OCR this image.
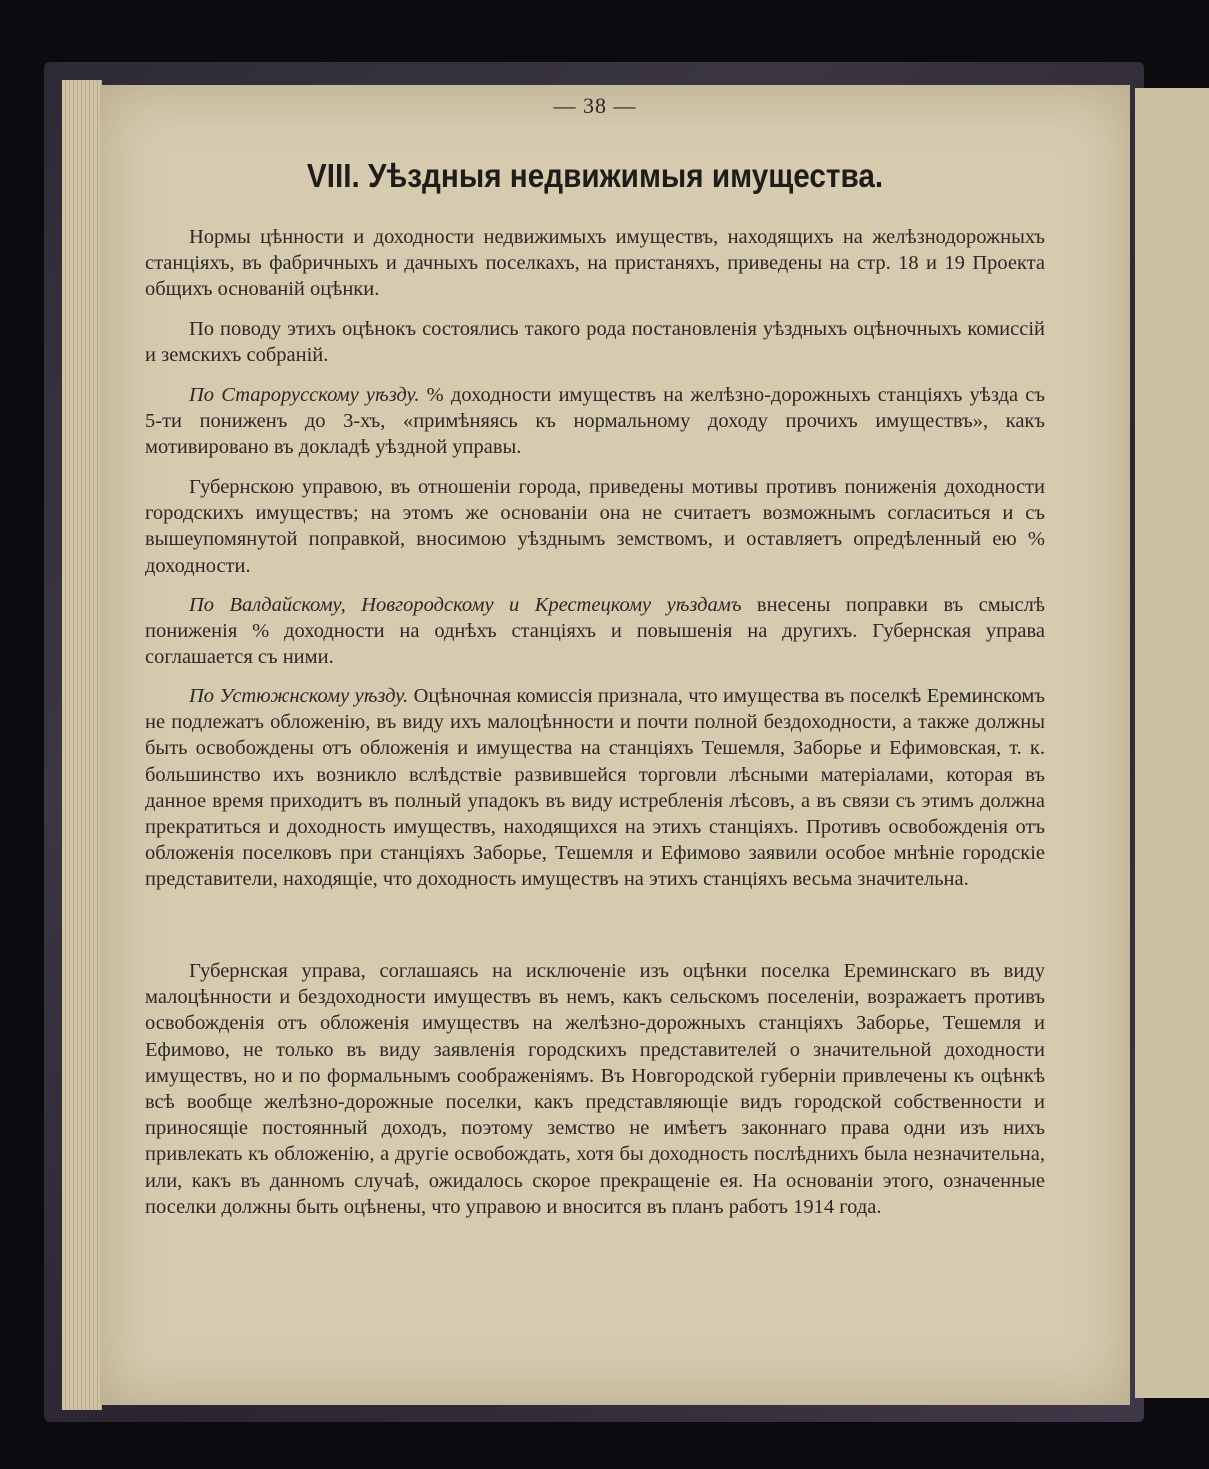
— 38 —
VIII. Уѣздныя недвижимыя имущества.

Нормы цѣнности и доходности недвижимыхъ имуществъ, находящихъ на желѣзнодорожныхъ станціяхъ, въ фабричныхъ и дачныхъ поселкахъ, на пристаняхъ, приведены на стр. 18 и 19 Проекта общихъ основаній оцѣнки.

По поводу этихъ оцѣнокъ состоялись такого рода постановленія уѣздныхъ оцѣночныхъ комиссій и земскихъ собраній.

По Старорусскому уѣзду. % доходности имуществъ на желѣзно-дорожныхъ станціяхъ уѣзда съ 5-ти пониженъ до 3-хъ, «примѣняясь къ нормальному доходу прочихъ имуществъ», какъ мотивировано въ докладѣ уѣздной управы.

Губернскою управою, въ отношеніи города, приведены мотивы противъ пониженія доходности городскихъ имуществъ; на этомъ же основаніи она не считаетъ возможнымъ согласиться и съ вышеупомянутой поправкой, вносимою уѣзднымъ земствомъ, и оставляетъ опредѣленный ею % доходности.

По Валдайскому, Новгородскому и Крестецкому уѣздамъ внесены поправки въ смыслѣ пониженія % доходности на однѣхъ станціяхъ и повышенія на другихъ. Губернская управа соглашается съ ними.

По Устюжнскому уѣзду. Оцѣночная комиссія признала, что имущества въ поселкѣ Ереминскомъ не подлежатъ обложенію, въ виду ихъ малоцѣнности и почти полной бездоходности, а также должны быть освобождены отъ обложенія и имущества на станціяхъ Тешемля, Заборье и Ефимовская, т. к. большинство ихъ возникло вслѣдствіе развившейся торговли лѣсными матеріалами, которая въ данное время приходитъ въ полный упадокъ въ виду истребленія лѣсовъ, а въ связи съ этимъ должна прекратиться и доходность имуществъ, находящихся на этихъ станціяхъ. Противъ освобожденія отъ обложенія поселковъ при станціяхъ Заборье, Тешемля и Ефимово заявили особое мнѣніе городскіе представители, находящіе, что доходность имуществъ на этихъ станціяхъ весьма значительна.

Губернская управа, соглашаясь на исключеніе изъ оцѣнки поселка Ереминскаго въ виду малоцѣнности и бездоходности имуществъ въ немъ, какъ сельскомъ поселеніи, возражаетъ противъ освобожденія отъ обложенія имуществъ на желѣзно-дорожныхъ станціяхъ Заборье, Тешемля и Ефимово, не только въ виду заявленія городскихъ представителей о значительной доходности имуществъ, но и по формальнымъ соображеніямъ. Въ Новгородской губерніи привлечены къ оцѣнкѣ всѣ вообще желѣзно-дорожные поселки, какъ представляющіе видъ городской собственности и приносящіе постоянный доходъ, поэтому земство не имѣетъ законнаго права одни изъ нихъ привлекать къ обложенію, а другіе освобождать, хотя бы доходность послѣднихъ была незначительна, или, какъ въ данномъ случаѣ, ожидалось скорое прекращеніе ея. На основаніи этого, означенные поселки должны быть оцѣнены, что управою и вносится въ планъ работъ 1914 года.
